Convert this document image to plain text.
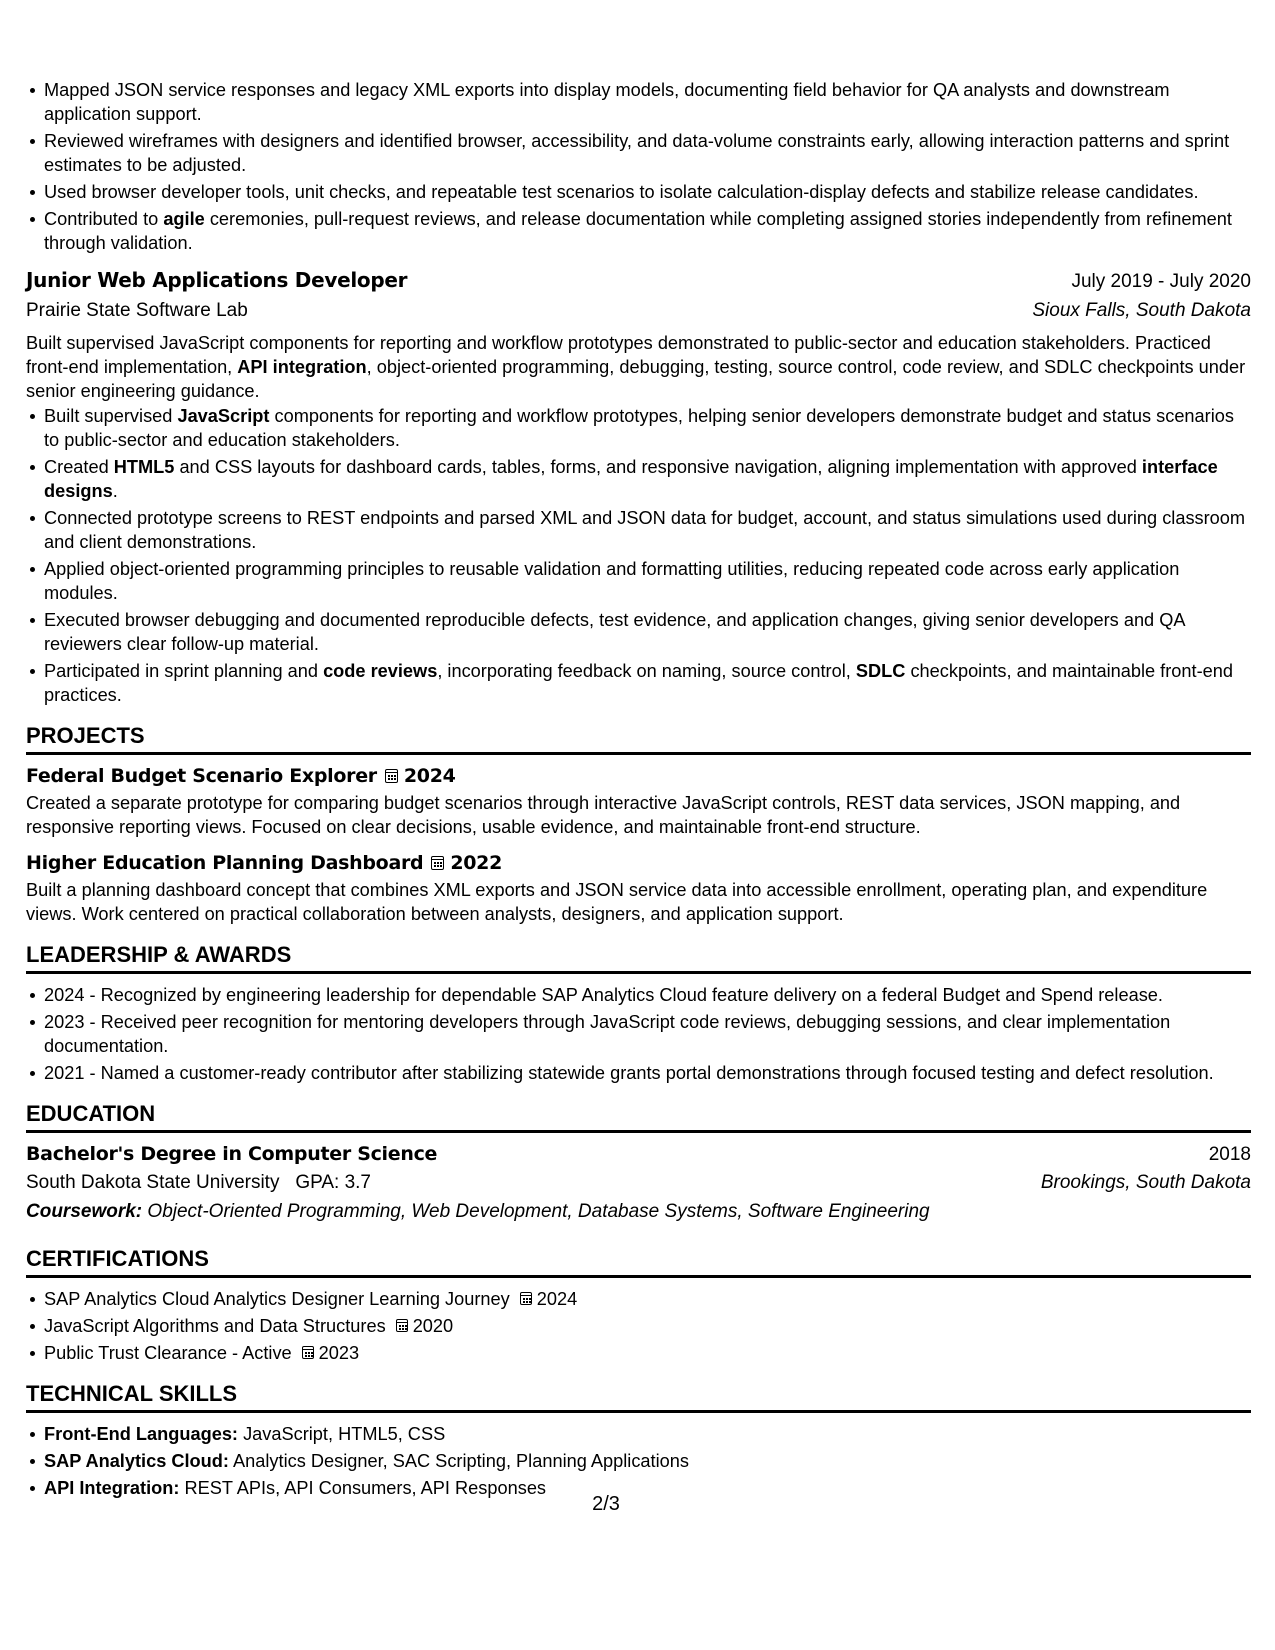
Mapped JSON service responses and legacy XML exports into display models, documenting field behavior for QA analysts and downstream application support.
Reviewed wireframes with designers and identified browser, accessibility, and data-volume constraints early, allowing interaction patterns and sprint estimates to be adjusted.
Used browser developer tools, unit checks, and repeatable test scenarios to isolate calculation-display defects and stabilize release candidates.
Contributed to agile ceremonies, pull-request reviews, and release documentation while completing assigned stories independently from refinement through validation.
Junior Web Applications Developer	July 2019 - July 2020
Prairie State Software Lab	Sioux Falls, South Dakota
Built supervised JavaScript components for reporting and workflow prototypes demonstrated to public-sector and education stakeholders. Practiced front-end implementation, API integration, object-oriented programming, debugging, testing, source control, code review, and SDLC checkpoints under senior engineering guidance.
Built supervised JavaScript components for reporting and workflow prototypes, helping senior developers demonstrate budget and status scenarios to public-sector and education stakeholders.
Created HTML5 and CSS layouts for dashboard cards, tables, forms, and responsive navigation, aligning implementation with approved interface designs.
Connected prototype screens to REST endpoints and parsed XML and JSON data for budget, account, and status simulations used during classroom and client demonstrations.
Applied object-oriented programming principles to reusable validation and formatting utilities, reducing repeated code across early application modules.
Executed browser debugging and documented reproducible defects, test evidence, and application changes, giving senior developers and QA reviewers clear follow-up material.
Participated in sprint planning and code reviews, incorporating feedback on naming, source control, SDLC checkpoints, and maintainable front-end practices.
PROJECTS
Federal Budget Scenario Explorer 2024
Created a separate prototype for comparing budget scenarios through interactive JavaScript controls, REST data services, JSON mapping, and responsive reporting views. Focused on clear decisions, usable evidence, and maintainable front-end structure.
Higher Education Planning Dashboard 2022
Built a planning dashboard concept that combines XML exports and JSON service data into accessible enrollment, operating plan, and expenditure views. Work centered on practical collaboration between analysts, designers, and application support.
LEADERSHIP & AWARDS
2024 - Recognized by engineering leadership for dependable SAP Analytics Cloud feature delivery on a federal Budget and Spend release.
2023 - Received peer recognition for mentoring developers through JavaScript code reviews, debugging sessions, and clear implementation documentation.
2021 - Named a customer-ready contributor after stabilizing statewide grants portal demonstrations through focused testing and defect resolution.
EDUCATION
Bachelor's Degree in Computer Science	2018
South Dakota State University GPA: 3.7	Brookings, South Dakota
Coursework: Object-Oriented Programming, Web Development, Database Systems, Software Engineering
CERTIFICATIONS
SAP Analytics Cloud Analytics Designer Learning Journey 2024
JavaScript Algorithms and Data Structures 2020
Public Trust Clearance - Active 2023
TECHNICAL SKILLS
Front-End Languages: JavaScript, HTML5, CSS
SAP Analytics Cloud: Analytics Designer, SAC Scripting, Planning Applications
API Integration: REST APIs, API Consumers, API Responses
2/3
